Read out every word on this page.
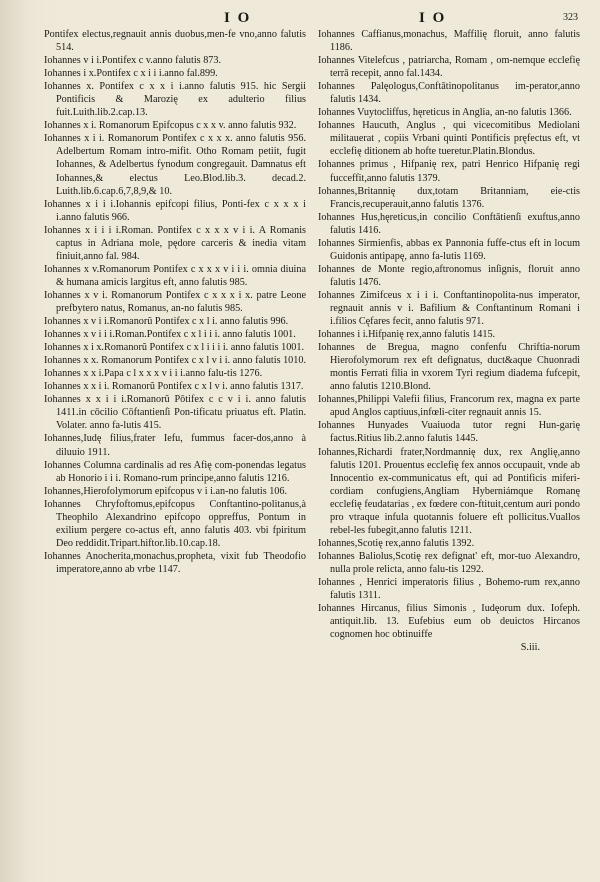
I O	I O	323

Pontifex electus,regnauit annis duobus,men-fe vno,anno falutis 514.

Iohannes v i i.Pontifex c v.anno falutis 873.

Iohannes i x.Pontifex c x i i i.anno fal.899.

Iohannes x. Pontifex c x x i i.anno falutis 915. hic Sergii Pontificis & Marozię ex adulterio filius fuit.Luith.lib.2.cap.13.

Iohannes x i. Romanorum Epifcopus c x x v. anno falutis 932.

Iohannes x i i. Romanorum Pontifex c x x x. anno falutis 956. Adelbertum Romam intro-mifit. Otho Romam petiit, fugit Iohannes, & Adelbertus fynodum congregauit. Damnatus eft Iohannes,& electus Leo.Blod.lib.3. decad.2. Luith.lib.6.cap.6,7,8,9,& 10.

Iohannes x i i i.Iohannis epifcopi filius, Ponti-fex c x x x i i.anno falutis 966.

Iohannes x i i i i.Roman. Pontifex c x x x v i i. A Romanis captus in Adriana mole, pędore carceris & inedia vitam finiuit,anno fal. 984.

Iohannes x v.Romanorum Pontifex c x x x v i i i. omnia diuina & humana amicis largitus eft, anno falutis 985.

Iohannes x v i. Romanorum Pontifex c x x x i x. patre Leone prefbytero natus, Romanus, an-no falutis 985.

Iohannes x v i i.Romanorũ Pontifex c x l i. anno falutis 996.

Iohannes x v i i i.Roman.Pontifex c x l i i i. anno falutis 1001.

Iohannes x i x.Romanorũ Pontifex c x l i i i i. anno falutis 1001.

Iohannes x x. Romanorum Pontifex c x l v i i. anno falutis 1010.

Iohannes x x i.Papa c l x x x v i i i.anno falu-tis 1276.

Iohannes x x i i. Romanorũ Pontifex c x l v i. anno falutis 1317.

Iohannes x x i i i.Romanorũ Pōtifex c c v i i. anno falutis 1411.in cōcilio Cōftantienſi Pon-tificatu priuatus eft. Platin. Volater. anno fa-lutis 415.

Iohannes,Iudę filius,frater Iefu, fummus facer-dos,anno à diluuio 1911.

Iohannes Columna cardinalis ad res Afię com-ponendas legatus ab Honorio i i i. Romano-rum principe,anno falutis 1216.

Iohannes,Hierofolymorum epifcopus v i i.an-no falutis 106.

Iohannes Chryfoftomus,epifcopus Conftantino-politanus,à Theophilo Alexandrino epifcopo oppreffus, Pontum in exilium pergere co-actus eft, anno falutis 403. vbi fpiritum Deo reddidit.Tripart.hiftor.lib.10.cap.18.

Iohannes Anocherita,monachus,propheta, vixit fub Theodofio imperatore,anno ab vrbe 1147.

Iohannes Caffianus,monachus, Maffilię floruit, anno falutis 1186.

Iohannes Vitelefcus , patriarcha, Romam , om-nemque ecclefię terrā recepit, anno fal.1434.

Iohannes Palęologus,Conftātinopolitanus im-perator,anno falutis 1434.

Iohannes Vuytocliffus, hęreticus in Anglia, an-no falutis 1366.

Iohannes Haucuth, Anglus , qui vicecomitibus Mediolani militauerat , copiis Vrbani quinti Pontificis pręfectus eft, vt ecclefię ditionem ab hofte tueretur.Platin.Blondus.

Iohannes primus , Hifpanię rex, patri Henrico Hifpanię regi fucceffit,anno falutis 1379.

Iohannes,Britannię dux,totam Britanniam, eie-ctis Francis,recuperauit,anno falutis 1376.

Iohannes Hus,hęreticus,in concilio Conftātienſi exuftus,anno falutis 1416.

Iohannes Sirmienfis, abbas ex Pannonia fuffe-ctus eft in locum Guidonis antipapę, anno fa-lutis 1169.

Iohannes de Monte regio,aftronomus inſignis, floruit anno falutis 1476.

Iohannes Zimifceus x i i i. Conftantinopolita-nus imperator, regnauit annis v i. Bafilium & Conftantinum Romani i i.filios Cęfares fecit, anno falutis 971.

Iohannes i i.Hifpanię rex,anno falutis 1415.

Iohannes de Bregua, magno confenfu Chriftia-norum Hierofolymorum rex eft defignatus, duct&aque Chuonradi montis Ferrati filia in vxorem Tyri regium diadema fufcepit, anno falutis 1210.Blond.

Iohannes,Philippi Valefii filius, Francorum rex, magna ex parte apud Anglos captiuus,infœli-citer regnauit annis 15.

Iohannes Hunyades Vuaiuoda tutor regni Hun-garię factus.Ritius lib.2.anno falutis 1445.

Iohannes,Richardi frater,Nordmannię dux, rex Anglię,anno falutis 1201. Prouentus ecclefię fex annos occupauit, vnde ab Innocentio ex-communicatus eft, qui ad Pontificis miferi-cordiam confugiens,Angliam Hyberniámque Romanę ecclefię feudatarias , ex fœdere con-ftituit,centum auri pondo pro vtraque infula quotannis foluere eft pollicitus.Vuallos rebel-les fubegit,anno falutis 1211.

Iohannes,Scotię rex,anno falutis 1392.

Iohannes Baliolus,Scotię rex defignat' eft, mor-tuo Alexandro, nulla prole relicta, anno falu-tis 1292.

Iohannes , Henrici imperatoris filius , Bohemo-rum rex,anno falutis 1311.

Iohannes Hircanus, filius Simonis , Iudęorum dux. Iofeph. antiquit.lib. 13. Eufebius eum ob deuictos Hircanos cognomen hoc obtinuiffe

S.iii.
